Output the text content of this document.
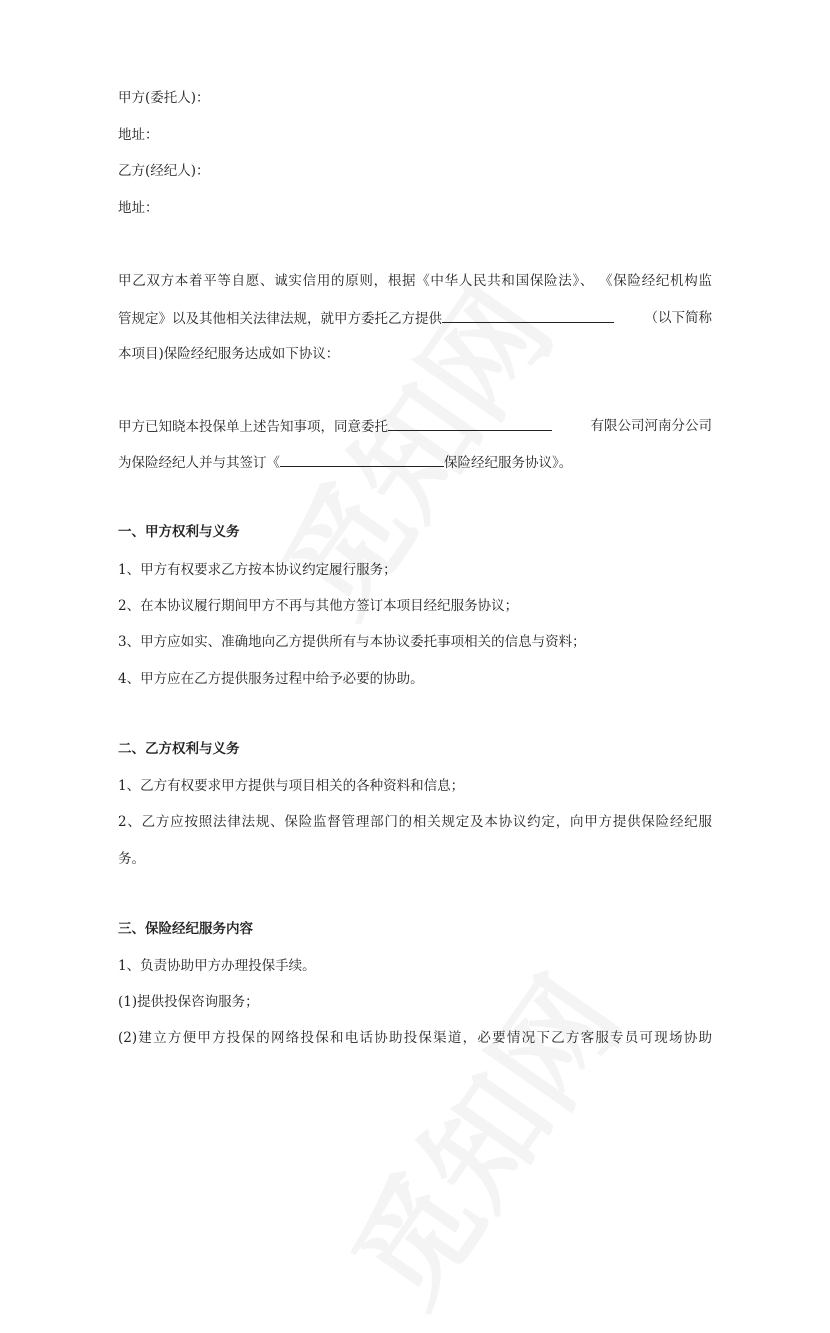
甲方(委托人)：
地址：
乙方(经纪人)：
地址：
甲乙双方本着平等自愿、诚实信用的原则，根据《中华人民共和国保险法》、 《保险经纪机构监
管规定》以及其他相关法律法规，就甲方委托乙方提供	（以下简称
本项目)保险经纪服务达成如下协议：
甲方已知晓本投保单上述告知事项，同意委托	有限公司河南分公司
为保险经纪人并与其签订《	保险经纪服务协议》。
一、甲方权利与义务
1、甲方有权要求乙方按本协议约定履行服务；
2、在本协议履行期间甲方不再与其他方签订本项目经纪服务协议；
3、甲方应如实、准确地向乙方提供所有与本协议委托事项相关的信息与资料；
4、甲方应在乙方提供服务过程中给予必要的协助。
二、乙方权利与义务
1、乙方有权要求甲方提供与项目相关的各种资料和信息；
2、乙方应按照法律法规、保险监督管理部门的相关规定及本协议约定，向甲方提供保险经纪服
务。
三、保险经纪服务内容
1、负责协助甲方办理投保手续。
(1)提供投保咨询服务；
(2)建立方便甲方投保的网络投保和电话协助投保渠道，必要情况下乙方客服专员可现场协助
